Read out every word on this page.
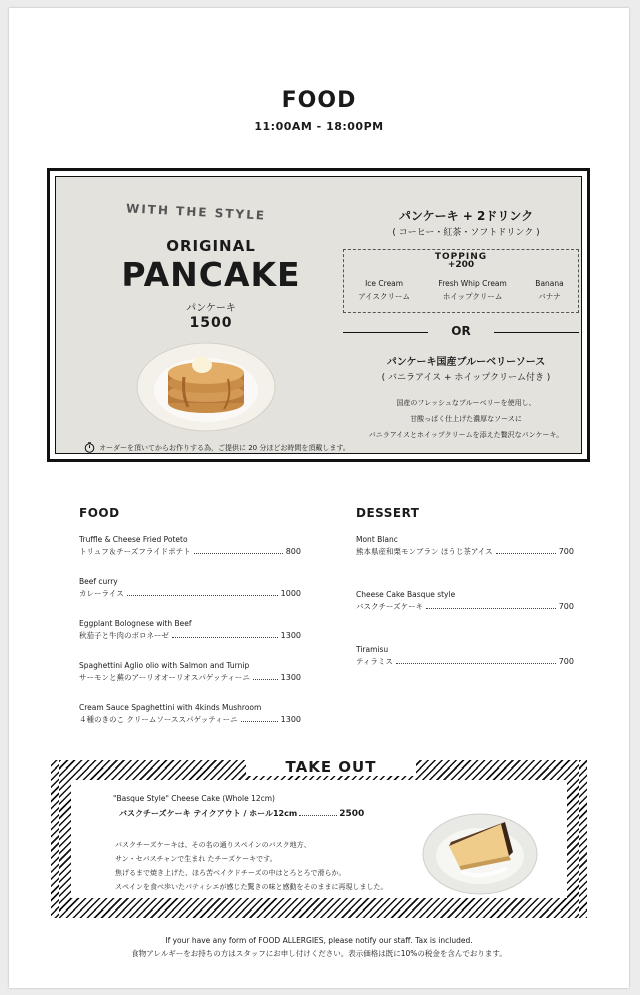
FOOD
11:00AM - 18:00PM
WITH THE STYLE
ORIGINAL
PANCAKE
パンケーキ
1500
オーダーを頂いてからお作りする為，ご提供に 20 分ほどお時間を頂戴します。
パンケーキ + 2ドリンク
( コーヒー・紅茶・ソフトドリンク )
TOPPING
+200
Ice Cream
アイスクリーム
Fresh Whip Cream
ホイップクリーム
Banana
バナナ
OR
パンケーキ国産ブルーベリーソース
( バニラアイス + ホイップクリーム付き )
国産のフレッシュなブルーベリーを使用し、
甘酸っぱく仕上げた濃厚なソースに
バニラアイスとホイップクリームを添えた贅沢なパンケーキ。
FOOD
Truffle & Cheese Fried Poteto
トリュフ＆チーズフライドポテト	800
Beef curry
カレーライス	1000
Eggplant Bolognese with Beef
秋茄子と牛肉のボロネーゼ	1300
Spaghettini Aglio olio with Salmon and Turnip
サーモンと蕪のアーリオオーリオスパゲッティーニ	1300
Cream Sauce Spaghettini with 4kinds Mushroom
４種のきのこ クリームソーススパゲッティーニ	1300
DESSERT
Mont Blanc
熊本県産和栗モンブラン ほうじ茶アイス	700
Cheese Cake Basque style
バスクチーズケーキ	700
Tiramisu
ティラミス	700
TAKE OUT
"Basque Style" Cheese Cake (Whole 12cm)
バスクチーズケーキ テイクアウト / ホール12cm	2500
バスクチーズケーキは、その名の通りスペインのバスク地方、
サン・セバスチャンで生まれ たチーズケーキです。
焦げるまで焼き上げた、ほろ苦ベイクドチーズの中はとろとろで滑らか。
スペインを食べ歩いたパティシエが感じた驚きの味と感動をそのままに再現しました。
If your have any form of FOOD ALLERGIES, please notify our staff. Tax is included.
食物アレルギーをお持ちの方はスタッフにお申し付けください。表示価格は既に10%の税金を含んでおります。
